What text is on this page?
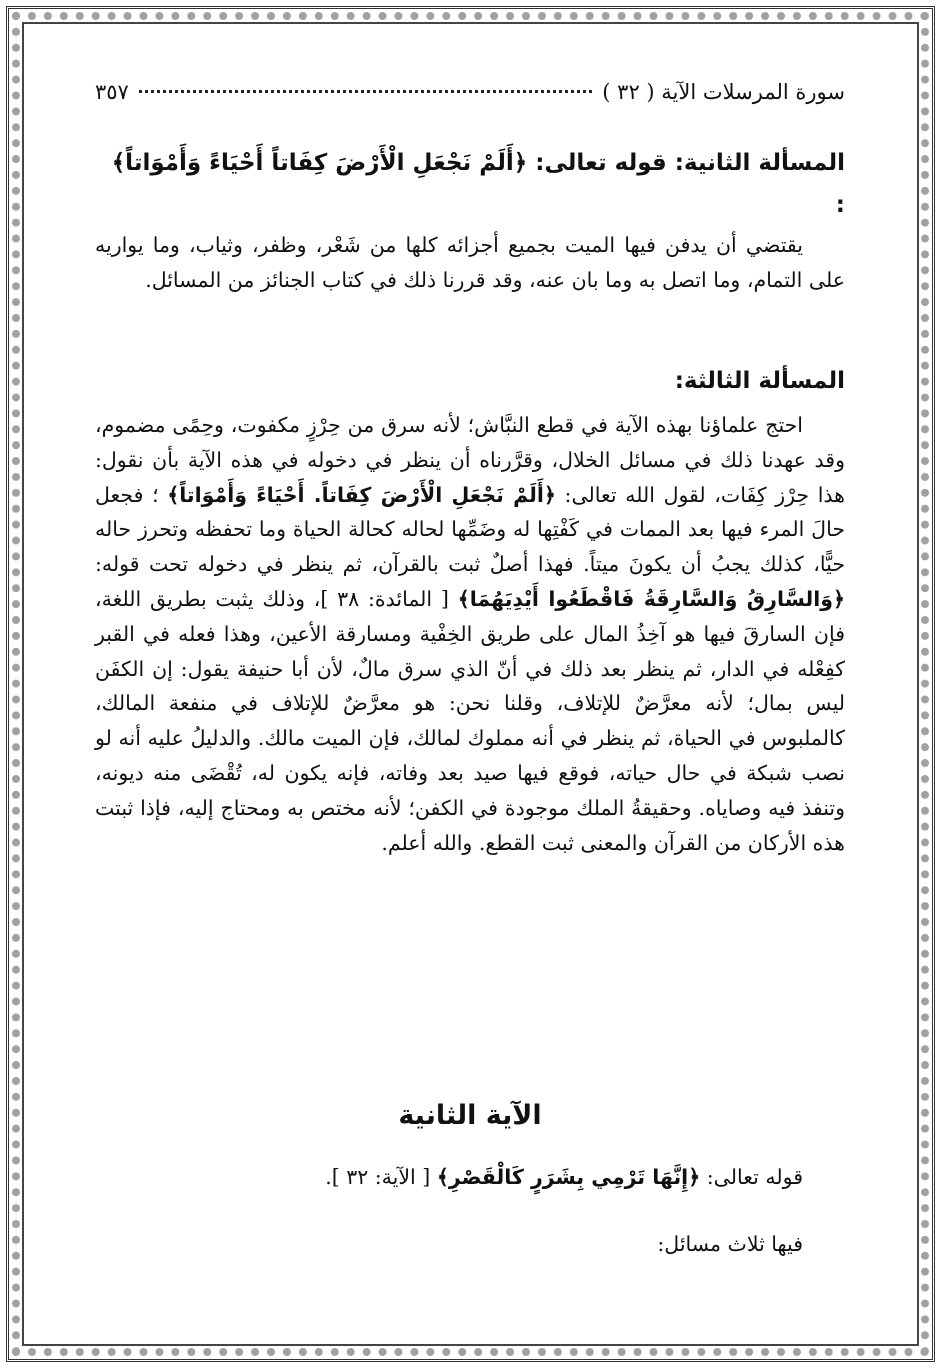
سورة المرسلات الآية ( ٣٢ )
٣٥٧
المسألة الثانية: قوله تعالى: ﴿أَلَمْ نَجْعَلِ الْأَرْضَ كِفَاتاً أَحْيَاءً وَأَمْوَاتاً﴾ :
يقتضي أن يدفن فيها الميت بجميع أجزائه كلها من شَعْر، وظفر، وثياب، وما يواريه على التمام، وما اتصل به وما بان عنه، وقد قررنا ذلك في كتاب الجنائز من المسائل.
المسألة الثالثة:
احتج علماؤنا بهذه الآية في قطع النبَّاش؛ لأنه سرق من حِرْزٍ مكفوت، وحِمًى مضموم، وقد عهدنا ذلك في مسائل الخلال، وقرَّرناه أن ينظر في دخوله في هذه الآية بأن نقول: هذا حِرْز كِفَات، لقول الله تعالى: ﴿أَلَمْ نَجْعَلِ الْأَرْضَ كِفَاتاً. أَحْيَاءً وَأَمْوَاتاً﴾ ؛ فجعل حالَ المرء فيها بعد الممات في كَفْتِها له وضَمِّها لحاله كحالة الحياة وما تحفظه وتحرز حاله حيًّا، كذلك يجبُ أن يكونَ ميتاً. فهذا أصلٌ ثبت بالقرآن، ثم ينظر في دخوله تحت قوله: ﴿وَالسَّارِقُ وَالسَّارِقَةُ فَاقْطَعُوا أَيْدِيَهُمَا﴾ [ المائدة: ٣٨ ]، وذلك يثبت بطريق اللغة، فإن السارقَ فيها هو آخِذُ المال على طريق الخِفْية ومسارقة الأعين، وهذا فعله في القبر كفِعْله في الدار، ثم ينظر بعد ذلك في أنّ الذي سرق مالٌ، لأن أبا حنيفة يقول: إن الكفَن ليس بمال؛ لأنه معرَّضٌ للإتلاف، وقلنا نحن: هو معرَّضٌ للإتلاف في منفعة المالك، كالملبوس في الحياة، ثم ينظر في أنه مملوك لمالك، فإن الميت مالك. والدليلُ عليه أنه لو نصب شبكة في حال حياته، فوقع فيها صيد بعد وفاته، فإنه يكون له، تُقْضَى منه ديونه، وتنفذ فيه وصاياه. وحقيقةُ الملك موجودة في الكفن؛ لأنه مختص به ومحتاج إليه، فإذا ثبتت هذه الأركان من القرآن والمعنى ثبت القطع. والله أعلم.
الآية الثانية
قوله تعالى: ﴿إِنَّهَا تَرْمِي بِشَرَرٍ كَالْقَصْرِ﴾ [ الآية: ٣٢ ].
فيها ثلاث مسائل:
